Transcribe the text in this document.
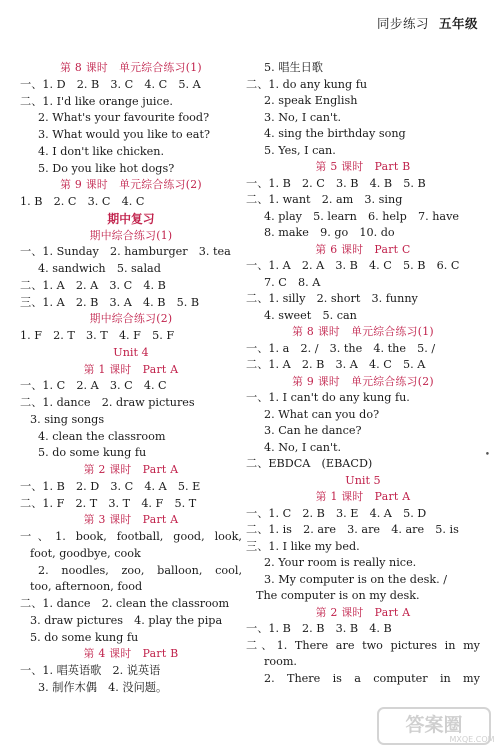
同步练习 五年级
第 8 课时　单元综合练习(1)
一、1. D　2. B　3. C　4. C　5. A
二、1. I'd like orange juice.
2. What's your favourite food?
3. What would you like to eat?
4. I don't like chicken.
5. Do you like hot dogs?
第 9 课时　单元综合练习(2)
1. B　2. C　3. C　4. C
期中复习
期中综合练习(1)
一、1. Sunday　2. hamburger　3. tea
4. sandwich　5. salad
二、1. A　2. A　3. C　4. B
三、1. A　2. B　3. A　4. B　5. B
期中综合练习(2)
1. F　2. T　3. T　4. F　5. F
Unit 4
第 1 课时　Part A
一、1. C　2. A　3. C　4. C
二、1. dance　2. draw pictures
3. sing songs
4. clean the classroom
5. do some kung fu
第 2 课时　Part A
一、1. B　2. D　3. C　4. A　5. E
二、1. F　2. T　3. T　4. F　5. T
第 3 课时　Part A
一、1. book, football, good, look,
foot, goodbye, cook
2. noodles, zoo, balloon, cool,
too, afternoon, food
二、1. dance　2. clean the classroom
3. draw pictures　4. play the pipa
5. do some kung fu
第 4 课时　Part B
一、1. 唱英语歌　2. 说英语
3. 制作木偶　4. 没问题。
5. 唱生日歌
二、1. do any kung fu
2. speak English
3. No, I can't.
4. sing the birthday song
5. Yes, I can.
第 5 课时　Part B
一、1. B　2. C　3. B　4. B　5. B
二、1. want　2. am　3. sing
4. play　5. learn　6. help　7. have
8. make　9. go　10. do
第 6 课时　Part C
一、1. A　2. A　3. B　4. C　5. B　6. C
7. C　8. A
二、1. silly　2. short　3. funny
4. sweet　5. can
第 8 课时　单元综合练习(1)
一、1. a　2. /　3. the　4. the　5. /
二、1. A　2. B　3. A　4. C　5. A
第 9 课时　单元综合练习(2)
一、1. I can't do any kung fu.
2. What can you do?
3. Can he dance?
4. No, I can't.
二、EBDCA　(EBACD)
Unit 5
第 1 课时　Part A
一、1. C　2. B　3. E　4. A　5. D
二、1. is　2. are　3. are　4. are　5. is
三、1. I like my bed.
2. Your room is really nice.
3. My computer is on the desk. /
The computer is on my desk.
第 2 课时　Part A
一、1. B　2. B　3. B　4. B
二、1. There are two pictures in my
room.
2. There is a computer in my
•
答案圈
MXQE.COM
